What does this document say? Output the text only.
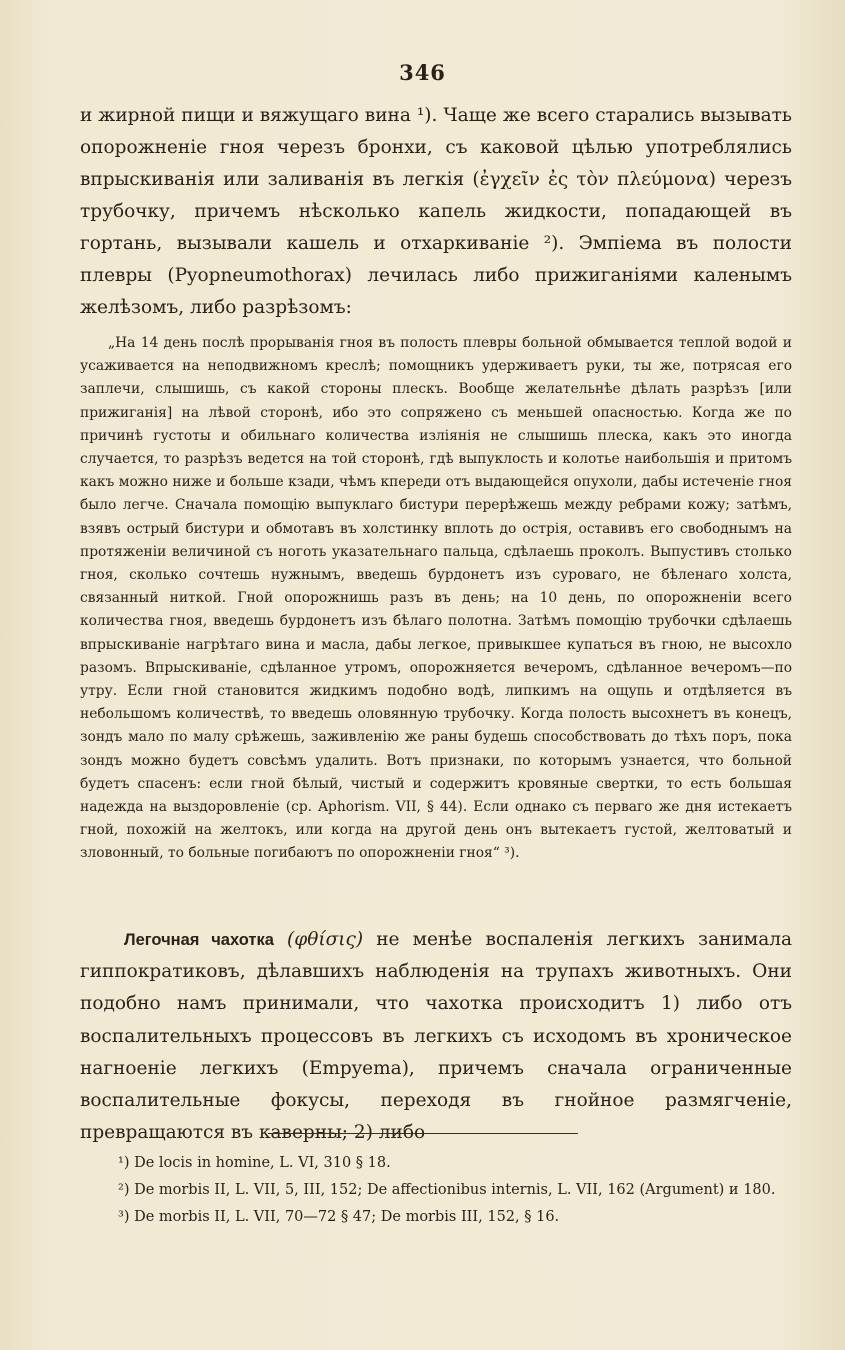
346

и жирной пищи и вяжущаго вина ¹). Чаще же всего старались вызывать опорожненіе гноя черезъ бронхи, съ каковой цѣлью употреблялись впрыскиванія или заливанія въ легкія (ἐγχεῖν ἐς τὸν πλεύμονα) черезъ трубочку, причемъ нѣсколько капель жидкости, попадающей въ гортань, вызывали кашель и отхаркиваніе ²). Эмпіема въ полости плевры (Pyopneumothorax) лечилась либо прижиганіями каленымъ желѣзомъ, либо разрѣзомъ:

„На 14 день послѣ прорыванія гноя въ полость плевры больной обмывается теплой водой и усаживается на неподвижномъ креслѣ; помощникъ удерживаетъ руки, ты же, потрясая его заплечи, слышишь, съ какой стороны плескъ. Вообще желательнѣе дѣлать разрѣзъ [или прижиганія] на лѣвой сторонѣ, ибо это сопряжено съ меньшей опасностью. Когда же по причинѣ густоты и обильнаго количества изліянія не слышишь плеска, какъ это иногда случается, то разрѣзъ ведется на той сторонѣ, гдѣ выпуклость и колотье наибольшія и притомъ какъ можно ниже и больше кзади, чѣмъ кпереди отъ выдающейся опухоли, дабы истеченіе гноя было легче. Сначала помощію выпуклаго бистури перерѣжешь между ребрами кожу; затѣмъ, взявъ острый бистури и обмотавъ въ холстинку вплоть до острія, оставивъ его свободнымъ на протяженіи величиной съ ноготь указательнаго пальца, сдѣлаешь проколъ. Выпустивъ столько гноя, сколько сочтешь нужнымъ, введешь бурдонетъ изъ суроваго, не бѣленаго холста, связанный ниткой. Гной опорожнишь разъ въ день; на 10 день, по опорожненіи всего количества гноя, введешь бурдонетъ изъ бѣлаго полотна. Затѣмъ помощію трубочки сдѣлаешь впрыскиваніе нагрѣтаго вина и масла, дабы легкое, привыкшее купаться въ гною, не высохло разомъ. Впрыскиваніе, сдѣланное утромъ, опорожняется вечеромъ, сдѣланное вечеромъ—по утру. Если гной становится жидкимъ подобно водѣ, липкимъ на ощупь и отдѣляется въ небольшомъ количествѣ, то введешь оловянную трубочку. Когда полость высохнетъ въ конецъ, зондъ мало по малу срѣжешь, заживленію же раны будешь способствовать до тѣхъ поръ, пока зондъ можно будетъ совсѣмъ удалить. Вотъ признаки, по которымъ узнается, что больной будетъ спасенъ: если гной бѣлый, чистый и содержитъ кровяные свертки, то есть большая надежда на выздоровленіе (ср. Aphorism. VII, § 44). Если однако съ перваго же дня истекаетъ гной, похожій на желтокъ, или когда на другой день онъ вытекаетъ густой, желтоватый и зловонный, то больные погибаютъ по опорожненіи гноя“ ³).

Легочная чахотка (φθίσις) не менѣе воспаленія легкихъ занимала гиппократиковъ, дѣлавшихъ наблюденія на трупахъ животныхъ. Они подобно намъ принимали, что чахотка происходитъ 1) либо отъ воспалительныхъ процессовъ въ легкихъ съ исходомъ въ хроническое нагноеніе легкихъ (Empyema), причемъ сначала ограниченные воспалительные фокусы, переходя въ гнойное размягченіе, превращаются въ каверны; 2) либо

¹) De locis in homine, L. VI, 310 § 18.

²) De morbis II, L. VII, 5, III, 152; De affectionibus internis, L. VII, 162 (Argument) и 180.

³) De morbis II, L. VII, 70—72 § 47; De morbis III, 152, § 16.
